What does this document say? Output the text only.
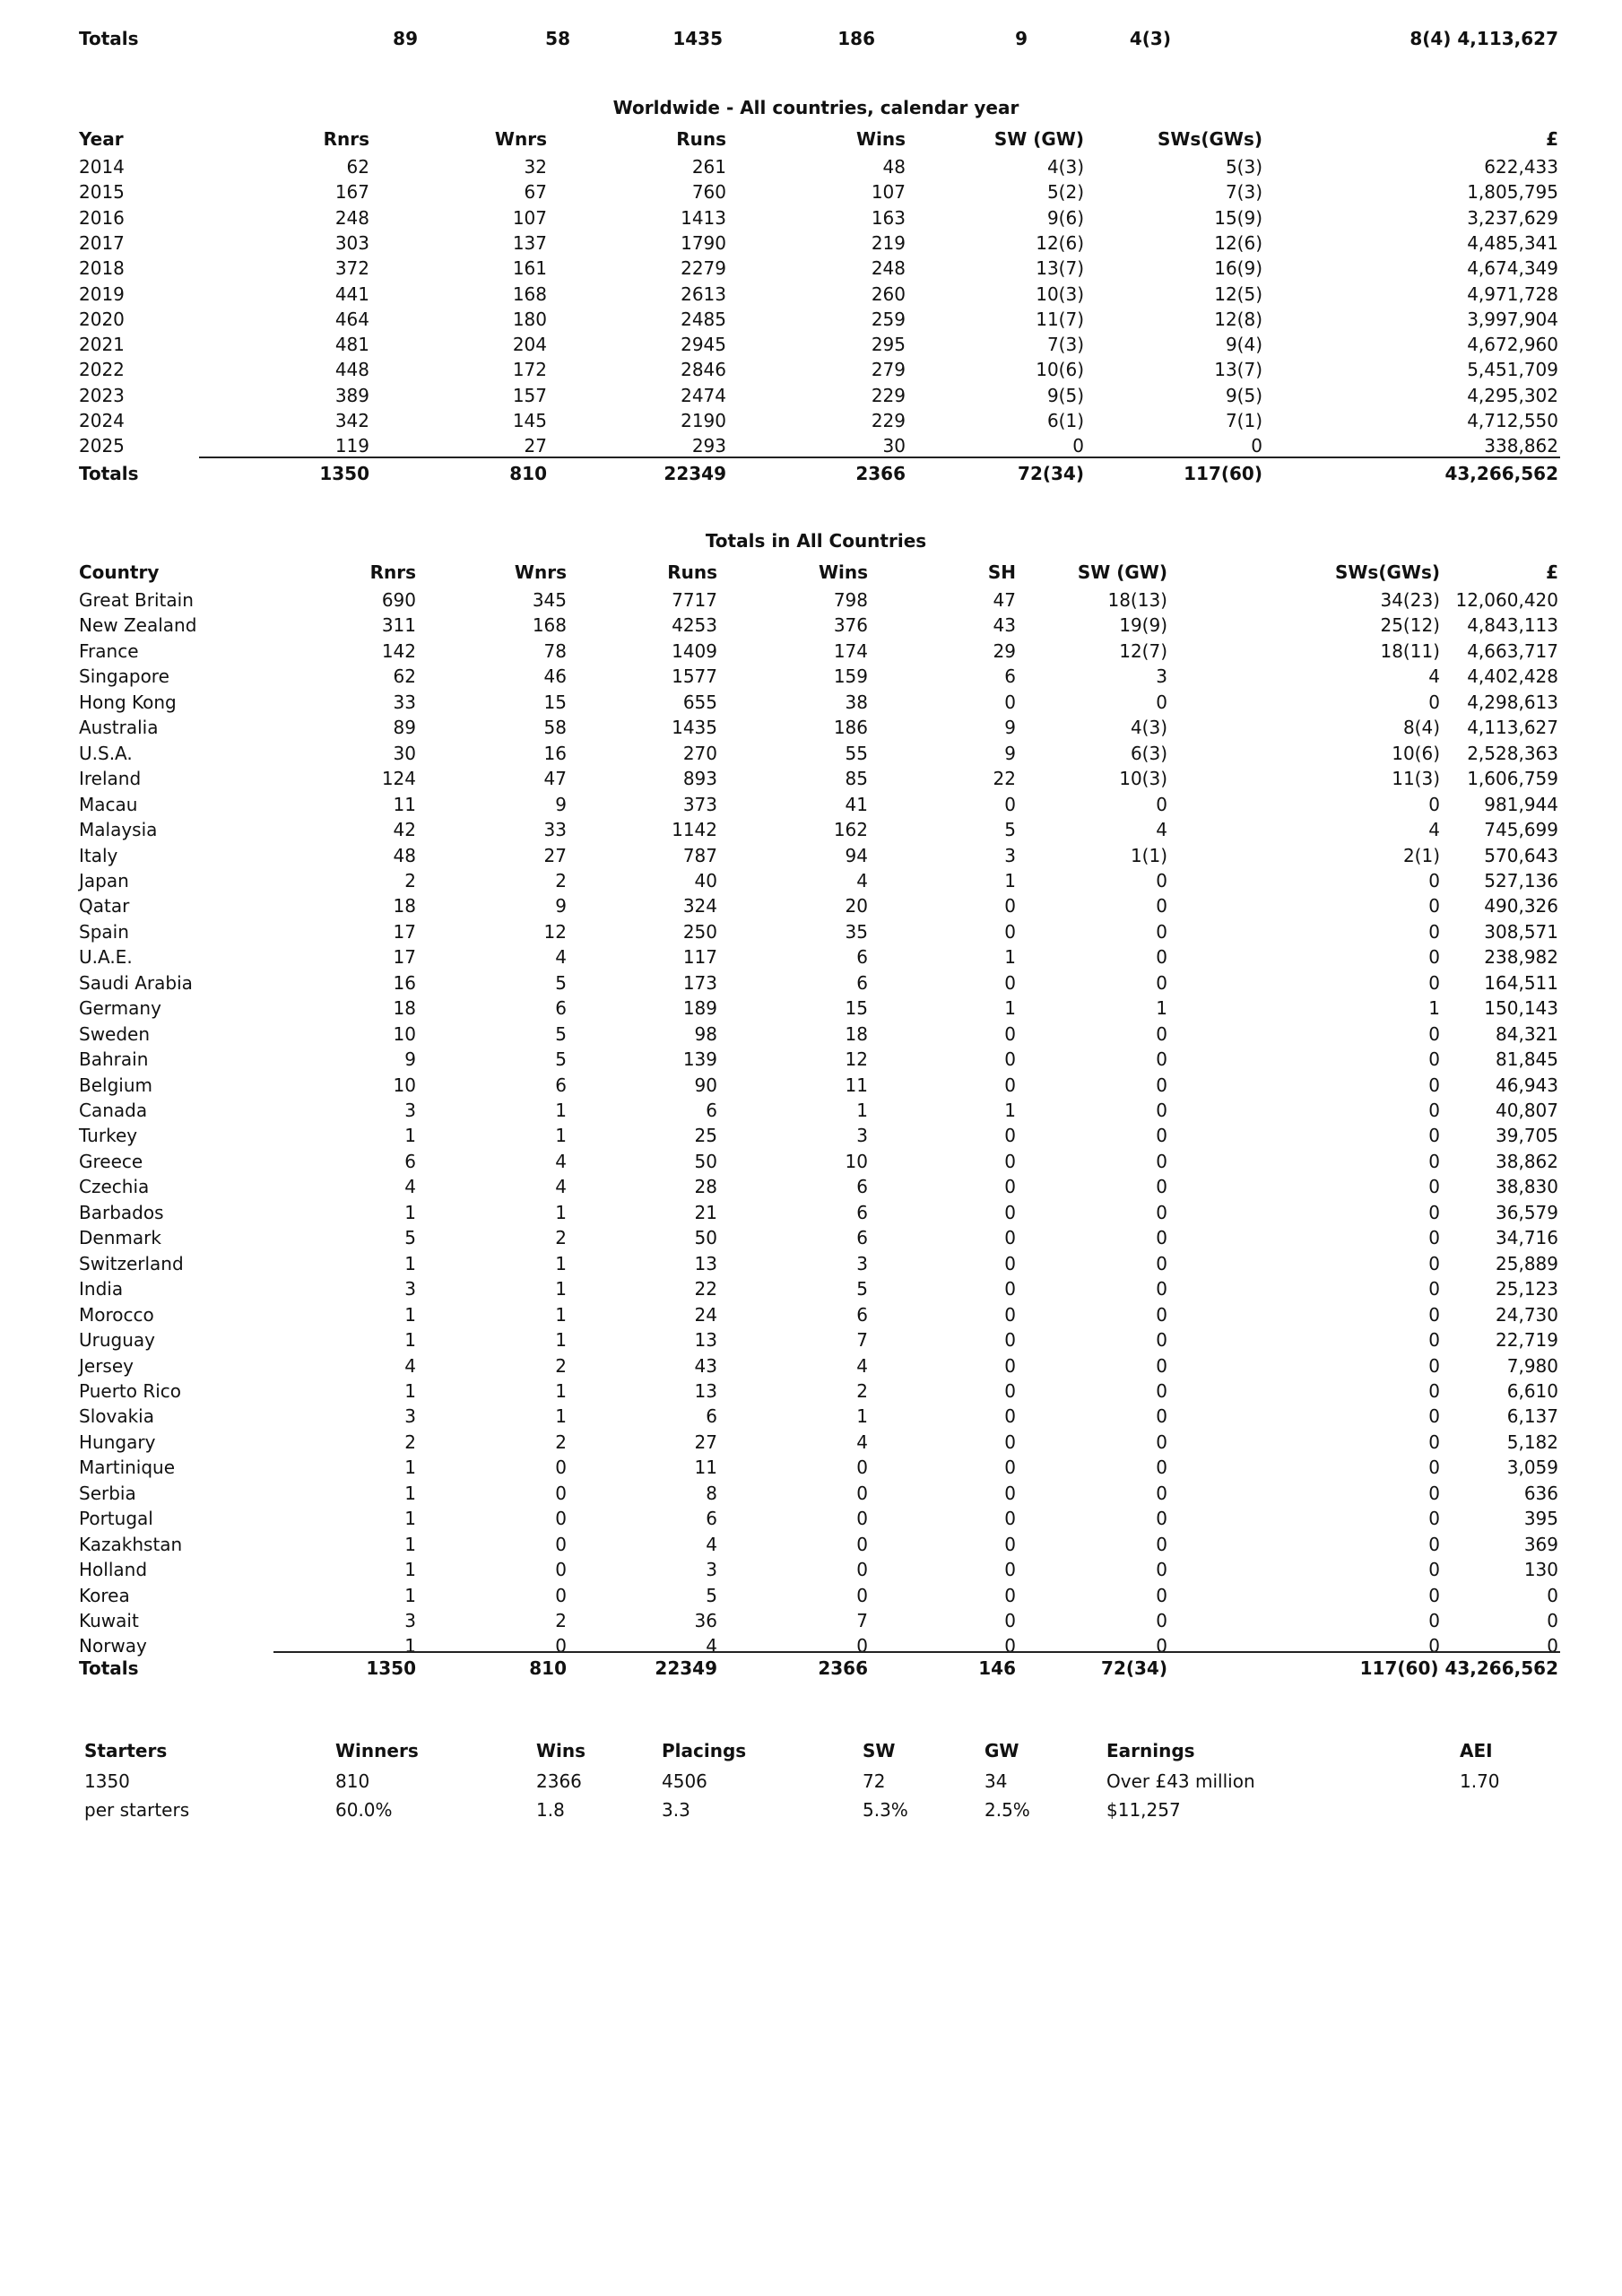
Totals	89	58	1435	186	9	4(3)	8(4) 4,113,627
Worldwide - All countries, calendar year
Year	Rnrs	Wnrs	Runs	Wins	SW (GW)	SWs(GWs)	£
2014	62	32	261	48	4(3)	5(3)	622,433
2015	167	67	760	107	5(2)	7(3)	1,805,795
2016	248	107	1413	163	9(6)	15(9)	3,237,629
2017	303	137	1790	219	12(6)	12(6)	4,485,341
2018	372	161	2279	248	13(7)	16(9)	4,674,349
2019	441	168	2613	260	10(3)	12(5)	4,971,728
2020	464	180	2485	259	11(7)	12(8)	3,997,904
2021	481	204	2945	295	7(3)	9(4)	4,672,960
2022	448	172	2846	279	10(6)	13(7)	5,451,709
2023	389	157	2474	229	9(5)	9(5)	4,295,302
2024	342	145	2190	229	6(1)	7(1)	4,712,550
2025	119	27	293	30	0	0	338,862
Totals	1350	810	22349	2366	72(34)	117(60)	43,266,562
Totals in All Countries
Country	Rnrs	Wnrs	Runs	Wins	SH	SW (GW)	SWs(GWs)	£
Great Britain	690	345	7717	798	47	18(13)	34(23) 12,060,420
New Zealand	311	168	4253	376	43	19(9)	25(12)	4,843,113
France	142	78	1409	174	29	12(7)	18(11)	4,663,717
Singapore	62	46	1577	159	6	3	4	4,402,428
Hong Kong	33	15	655	38	0	0	0	4,298,613
Australia	89	58	1435	186	9	4(3)	8(4)	4,113,627
U.S.A.	30	16	270	55	9	6(3)	10(6)	2,528,363
Ireland	124	47	893	85	22	10(3)	11(3)	1,606,759
Macau	11	9	373	41	0	0	0	981,944
Malaysia	42	33	1142	162	5	4	4	745,699
Italy	48	27	787	94	3	1(1)	2(1)	570,643
Japan	2	2	40	4	1	0	0	527,136
Qatar	18	9	324	20	0	0	0	490,326
Spain	17	12	250	35	0	0	0	308,571
U.A.E.	17	4	117	6	1	0	0	238,982
Saudi Arabia	16	5	173	6	0	0	0	164,511
Germany	18	6	189	15	1	1	1	150,143
Sweden	10	5	98	18	0	0	0	84,321
Bahrain	9	5	139	12	0	0	0	81,845
Belgium	10	6	90	11	0	0	0	46,943
Canada	3	1	6	1	1	0	0	40,807
Turkey	1	1	25	3	0	0	0	39,705
Greece	6	4	50	10	0	0	0	38,862
Czechia	4	4	28	6	0	0	0	38,830
Barbados	1	1	21	6	0	0	0	36,579
Denmark	5	2	50	6	0	0	0	34,716
Switzerland	1	1	13	3	0	0	0	25,889
India	3	1	22	5	0	0	0	25,123
Morocco	1	1	24	6	0	0	0	24,730
Uruguay	1	1	13	7	0	0	0	22,719
Jersey	4	2	43	4	0	0	0	7,980
Puerto Rico	1	1	13	2	0	0	0	6,610
Slovakia	3	1	6	1	0	0	0	6,137
Hungary	2	2	27	4	0	0	0	5,182
Martinique	1	0	11	0	0	0	0	3,059
Serbia	1	0	8	0	0	0	0	636
Portugal	1	0	6	0	0	0	0	395
Kazakhstan	1	0	4	0	0	0	0	369
Holland	1	0	3	0	0	0	0	130
Korea	1	0	5	0	0	0	0	0
Kuwait	3	2	36	7	0	0	0	0
Norway	1	0	4	0	0	0	0	0
Totals	1350	810	22349	2366	146	72(34)	117(60) 43,266,562
Starters	Winners	Wins	Placings	SW	GW	Earnings	AEI
1350	810	2366	4506	72	34	Over £43 million	1.70
per starters	60.0%	1.8	3.3	5.3%	2.5%	$11,257
